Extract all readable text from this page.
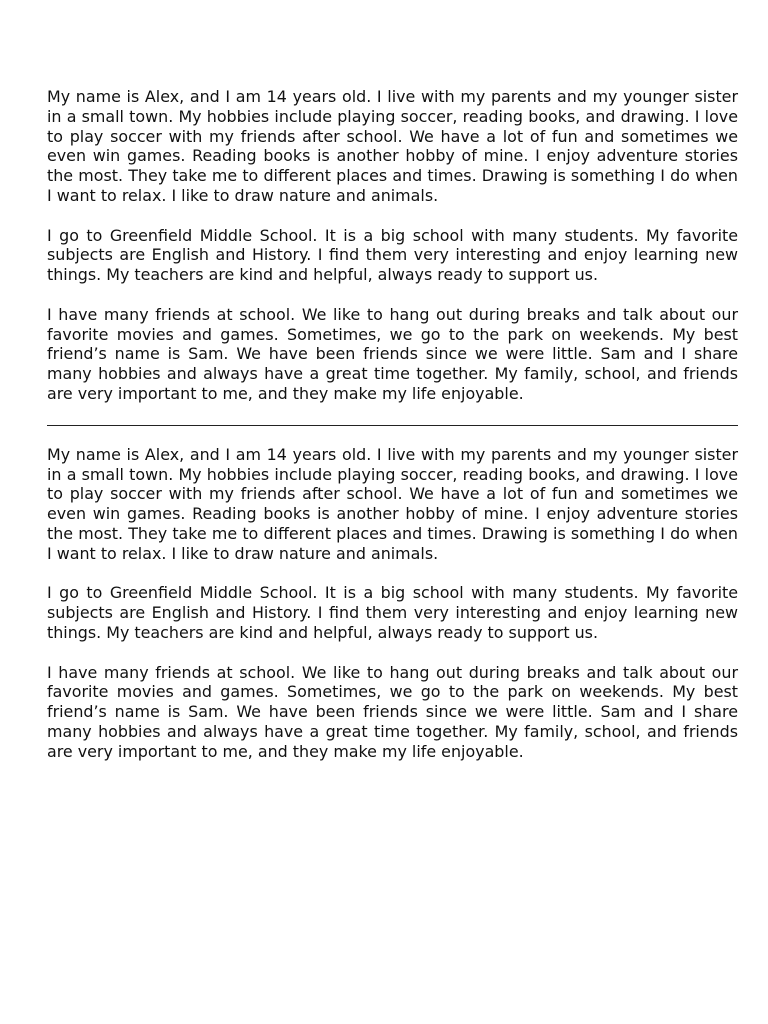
My name is Alex, and I am 14 years old. I live with my parents and my younger sister in a small town. My hobbies include playing soccer, reading books, and drawing. I love to play soccer with my friends after school. We have a lot of fun and sometimes we even win games. Reading books is another hobby of mine. I enjoy adventure stories the most. They take me to different places and times. Drawing is something I do when I want to relax. I like to draw nature and animals.

I go to Greenfield Middle School. It is a big school with many students. My favorite subjects are English and History. I find them very interesting and enjoy learning new things. My teachers are kind and helpful, always ready to support us.

I have many friends at school. We like to hang out during breaks and talk about our favorite movies and games. Sometimes, we go to the park on weekends. My best friend’s name is Sam. We have been friends since we were little. Sam and I share many hobbies and always have a great time together. My family, school, and friends are very important to me, and they make my life enjoyable.

My name is Alex, and I am 14 years old. I live with my parents and my younger sister in a small town. My hobbies include playing soccer, reading books, and drawing. I love to play soccer with my friends after school. We have a lot of fun and sometimes we even win games. Reading books is another hobby of mine. I enjoy adventure stories the most. They take me to different places and times. Drawing is something I do when I want to relax. I like to draw nature and animals.

I go to Greenfield Middle School. It is a big school with many students. My favorite subjects are English and History. I find them very interesting and enjoy learning new things. My teachers are kind and helpful, always ready to support us.

I have many friends at school. We like to hang out during breaks and talk about our favorite movies and games. Sometimes, we go to the park on weekends. My best friend’s name is Sam. We have been friends since we were little. Sam and I share many hobbies and always have a great time together. My family, school, and friends are very important to me, and they make my life enjoyable.
